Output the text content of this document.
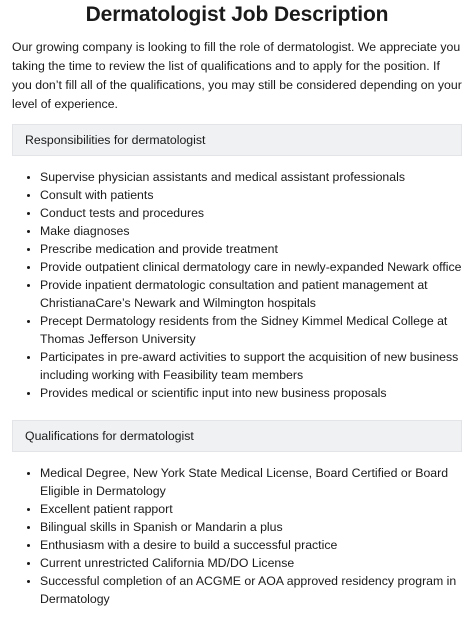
Dermatologist Job Description

Our growing company is looking to fill the role of dermatologist. We appreciate you taking the time to review the list of qualifications and to apply for the position. If you don’t fill all of the qualifications, you may still be considered depending on your level of experience.

Responsibilities for dermatologist
• Supervise physician assistants and medical assistant professionals
• Consult with patients
• Conduct tests and procedures
• Make diagnoses
• Prescribe medication and provide treatment
• Provide outpatient clinical dermatology care in newly-expanded Newark office
• Provide inpatient dermatologic consultation and patient management at ChristianaCare’s Newark and Wilmington hospitals
• Precept Dermatology residents from the Sidney Kimmel Medical College at Thomas Jefferson University
• Participates in pre-award activities to support the acquisition of new business including working with Feasibility team members
• Provides medical or scientific input into new business proposals
Qualifications for dermatologist
• Medical Degree, New York State Medical License, Board Certified or Board Eligible in Dermatology
• Excellent patient rapport
• Bilingual skills in Spanish or Mandarin a plus
• Enthusiasm with a desire to build a successful practice
• Current unrestricted California MD/DO License
• Successful completion of an ACGME or AOA approved residency program in Dermatology
